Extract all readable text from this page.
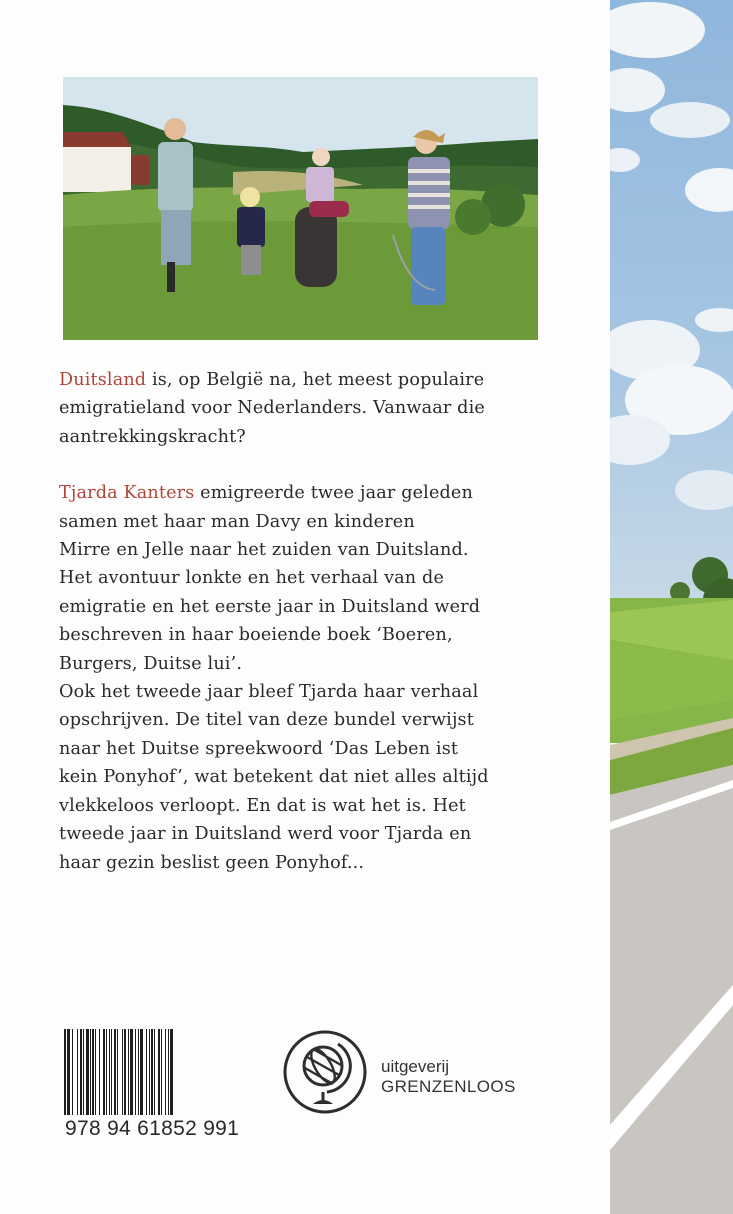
Duitsland is, op België na, het meest populaire
emigratieland voor Nederlanders. Vanwaar die
aantrekkingskracht?

Tjarda Kanters emigreerde twee jaar geleden
samen met haar man Davy en kinderen
Mirre en Jelle naar het zuiden van Duitsland.
Het avontuur lonkte en het verhaal van de
emigratie en het eerste jaar in Duitsland werd
beschreven in haar boeiende boek ‘Boeren,
Burgers, Duitse lui’.
Ook het tweede jaar bleef Tjarda haar verhaal
opschrijven. De titel van deze bundel verwijst
naar het Duitse spreekwoord ‘Das Leben ist
kein Ponyhof’, wat betekent dat niet alles altijd
vlekkeloos verloopt. En dat is wat het is. Het
tweede jaar in Duitsland werd voor Tjarda en
haar gezin beslist geen Ponyhof...

978 94 61852 991
uitgeverij
GRENZENLOOS
